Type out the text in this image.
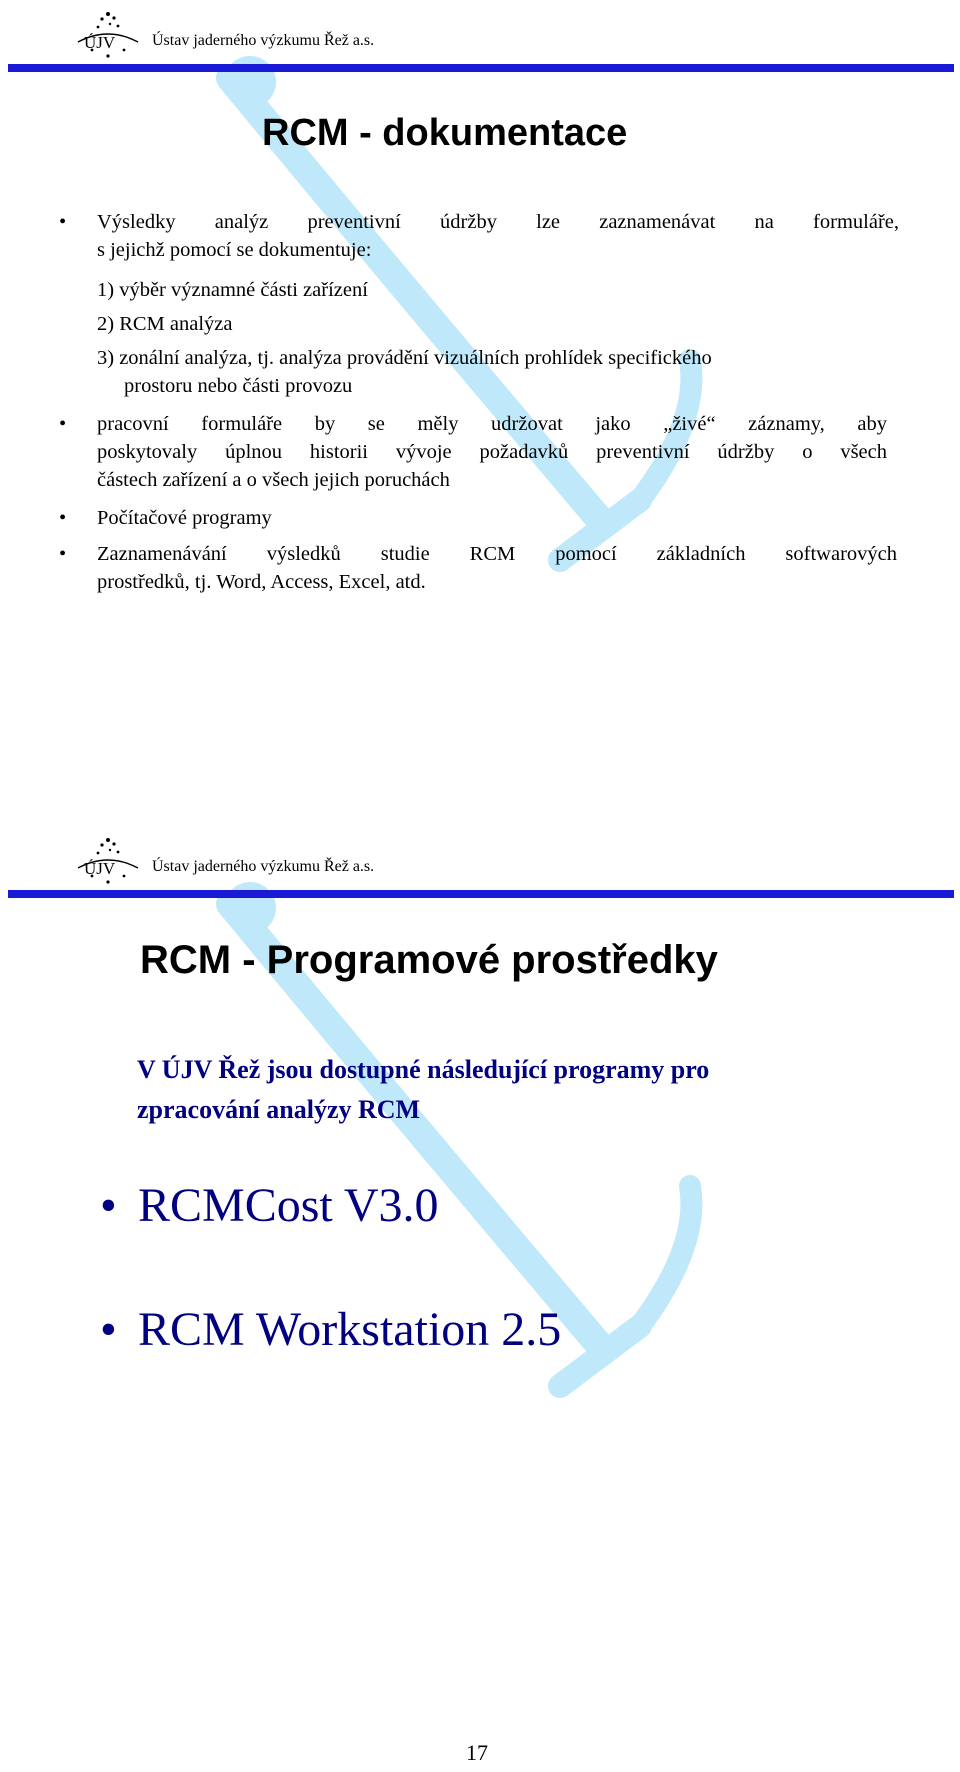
ÚJV Ústav jaderného výzkumu Řež a.s.
RCM - dokumentace
• Výsledky analýz preventivní údržby lze zaznamenávat na formuláře,
s jejichž pomocí se dokumentuje:
1) výběr významné části zařízení
2) RCM analýza
3) zonální analýza, tj. analýza provádění vizuálních prohlídek specifického
prostoru nebo části provozu
• pracovní formuláře by se měly udržovat jako „živé“ záznamy, aby
poskytovaly úplnou historii vývoje požadavků preventivní údržby o všech
částech zařízení a o všech jejich poruchách
• Počítačové programy
• Zaznamenávání výsledků studie RCM pomocí základních softwarových
prostředků, tj. Word, Access, Excel, atd.
ÚJV Ústav jaderného výzkumu Řež a.s.
RCM - Programové prostředky
V ÚJV Řež jsou dostupné následující programy pro zpracování analýzy RCM
• RCMCost V3.0
• RCM Workstation 2.5
17
